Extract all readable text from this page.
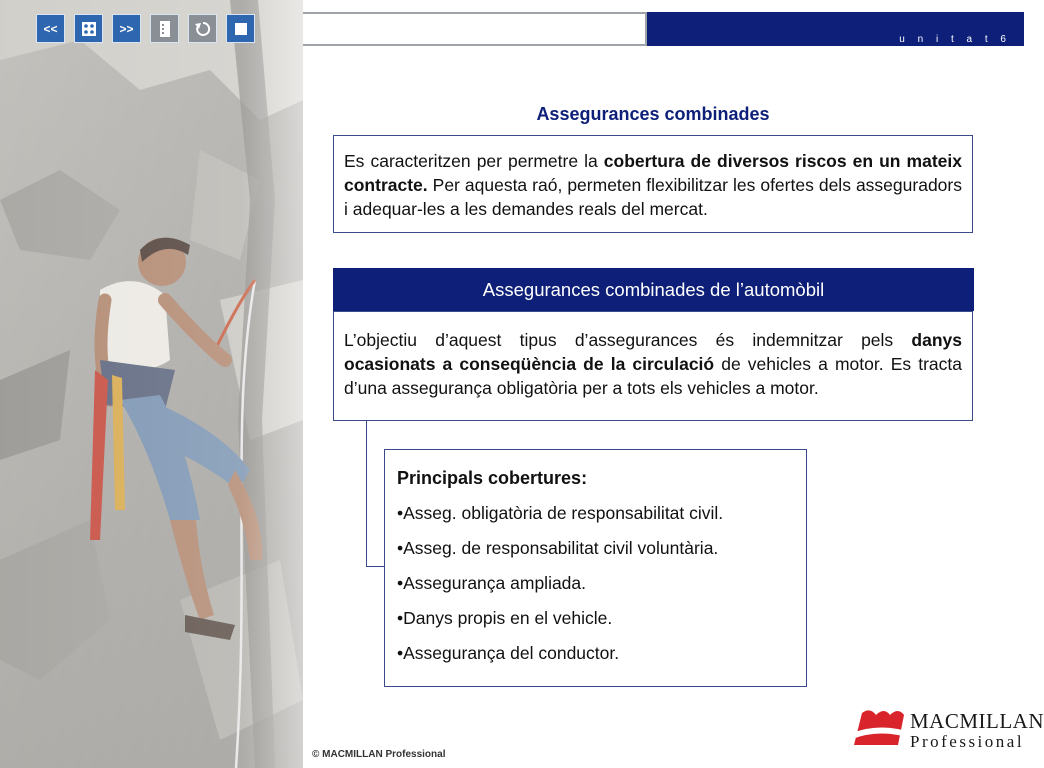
<<	>>
u n i t a t 6
Assegurances combinades

Es caracteritzen per permetre la cobertura de diversos riscos en un mateix contracte. Per aquesta raó, permeten flexibilitzar les ofertes dels asseguradors i adequar-les a les demandes reals del mercat.

Assegurances combinades de l’automòbil

L’objectiu d’aquest tipus d’assegurances és indemnitzar pels danys ocasionats a conseqüència de la circulació de vehicles a motor. Es tracta d’una assegurança obligatòria per a tots els vehicles a motor.

Principals cobertures:
•Asseg. obligatòria de responsabilitat civil.
•Asseg. de responsabilitat civil voluntària.
•Assegurança ampliada.
•Danys propis en el vehicle.
•Assegurança del conductor.
© MACMILLAN Professional
MACMILLAN
Professional
